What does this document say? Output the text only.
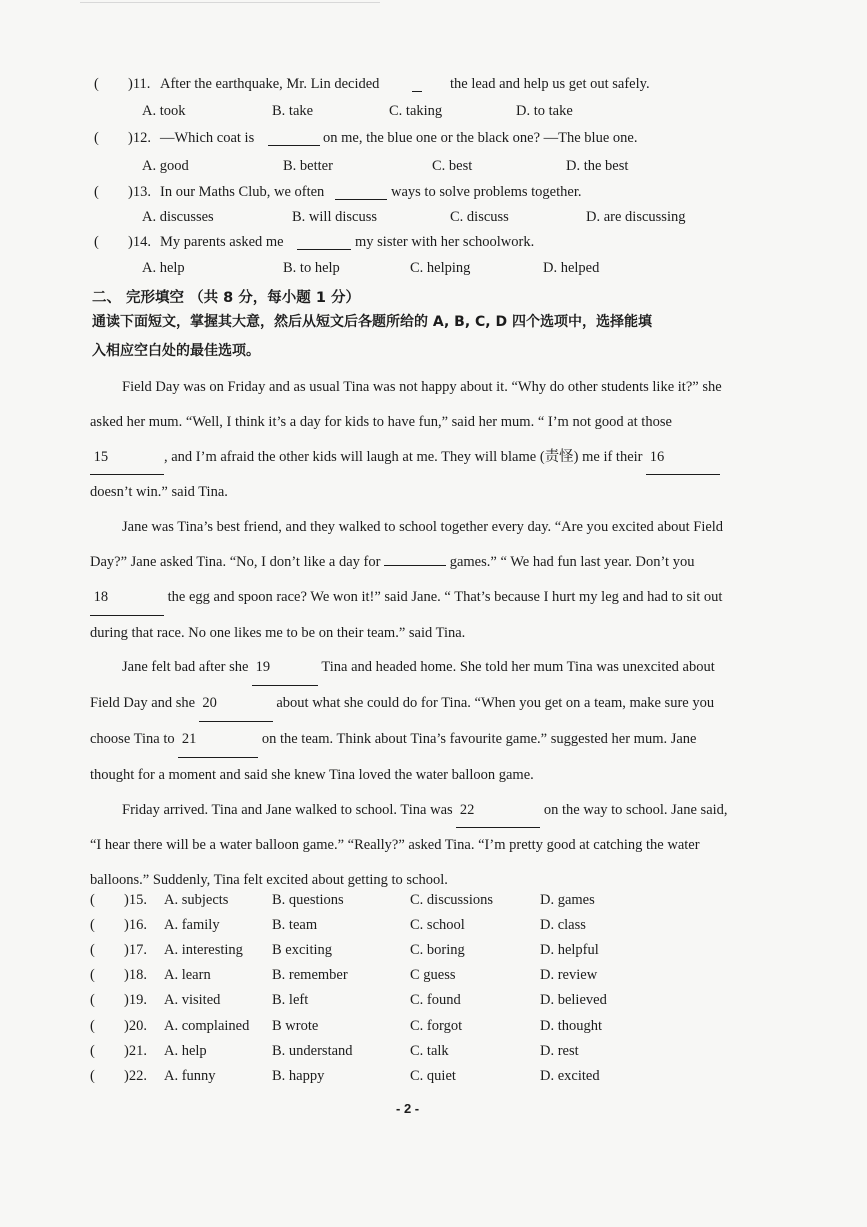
( )11. After the earthquake, Mr. Lin decided	the lead and help us get out safely.
A. took	B. take	C. taking	D. to take
( )12. —Which coat is	on me, the blue one or the black one? —The blue one.
A. good	B. better	C. best	D. the best
( )13. In our Maths Club, we often	ways to solve problems together.
A. discusses	B. will discuss	C. discuss	D. are discussing
( )14. My parents asked me	my sister with her schoolwork.
A. help	B. to help	C. helping	D. helped
二、 完形填空 （共 8 分，每小题 1 分）
通读下面短文，掌握其大意，然后从短文后各题所给的 A, B, C, D 四个选项中，选择能填
入相应空白处的最佳选项。

Field Day was on Friday and as usual Tina was not happy about it. “Why do other students like it?” she asked her mum. “Well, I think it’s a day for kids to have fun,” said her mum. “ I’m not good at those  15	, and I’m afraid the other kids will laugh at me. They will blame (责怪) me if their 16 doesn’t win.” said Tina.

Jane was Tina’s best friend, and they walked to school together every day. “Are you excited about Field Day?” Jane asked Tina. “No, I don’t like a day for	games.” “ We had fun last year. Don’t you  18	the egg and spoon race? We won it!” said Jane. “ That’s because I hurt my leg and had to sit out during that race. No one likes me to be on their team.” said Tina.

Jane felt bad after she 19	Tina and headed home. She told her mum Tina was unexcited about Field Day and she 20	about what she could do for Tina. “When you get on a team, make sure you choose Tina to 21	on the team. Think about Tina’s favourite game.” suggested her mum. Jane thought for a moment and said she knew Tina loved the water balloon game.

Friday arrived. Tina and Jane walked to school. Tina was 22	on the way to school. Jane said, “I hear there will be a water balloon game.” “Really?” asked Tina. “I’m pretty good at catching the water balloons.” Suddenly, Tina felt excited about getting to school.

( )15. A. subjects	B. questions	C. discussions	D. games
( )16. A. family	B. team	C. school	D. class
( )17. A. interesting B exciting	C. boring	D. helpful
( )18. A. learn	B. remember	C guess	D. review
( )19. A. visited	B. left	C. found	D. believed
( )20. A. complained B wrote	C. forgot	D. thought
( )21. A. help	B. understand	C. talk	D. rest
( )22. A. funny	B. happy	C. quiet	D. excited
- 2 -
